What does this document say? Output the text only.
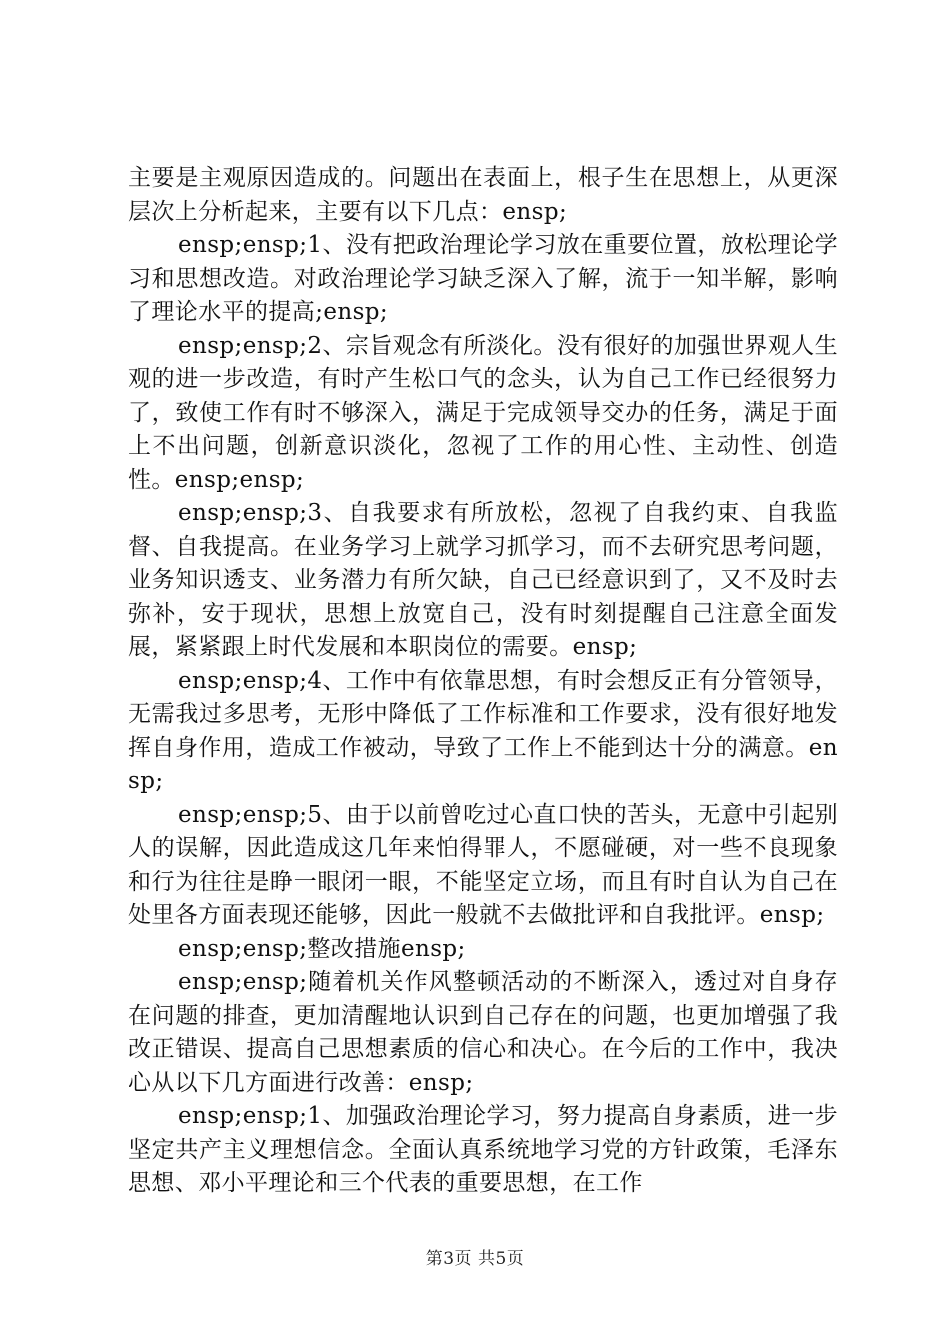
主要是主观原因造成的。问题出在表面上，根子生在思想上，从更深层次上分析起来，主要有以下几点：ensp;

ensp;ensp;1、没有把政治理论学习放在重要位置，放松理论学习和思想改造。对政治理论学习缺乏深入了解，流于一知半解，影响了理论水平的提高;ensp;

ensp;ensp;2、宗旨观念有所淡化。没有很好的加强世界观人生观的进一步改造，有时产生松口气的念头，认为自己工作已经很努力了，致使工作有时不够深入，满足于完成领导交办的任务，满足于面上不出问题，创新意识淡化，忽视了工作的用心性、主动性、创造性。ensp;ensp;

ensp;ensp;3、自我要求有所放松，忽视了自我约束、自我监督、自我提高。在业务学习上就学习抓学习，而不去研究思考问题，业务知识透支、业务潜力有所欠缺，自己已经意识到了，又不及时去弥补，安于现状，思想上放宽自己，没有时刻提醒自己注意全面发展，紧紧跟上时代发展和本职岗位的需要。ensp;

ensp;ensp;4、工作中有依靠思想，有时会想反正有分管领导，无需我过多思考，无形中降低了工作标准和工作要求，没有很好地发挥自身作用，造成工作被动，导致了工作上不能到达十分的满意。ensp;

ensp;ensp;5、由于以前曾吃过心直口快的苦头，无意中引起别人的误解，因此造成这几年来怕得罪人，不愿碰硬，对一些不良现象和行为往往是睁一眼闭一眼，不能坚定立场，而且有时自认为自己在处里各方面表现还能够，因此一般就不去做批评和自我批评。ensp;

ensp;ensp;整改措施ensp;

ensp;ensp;随着机关作风整顿活动的不断深入，透过对自身存在问题的排查，更加清醒地认识到自己存在的问题，也更加增强了我改正错误、提高自己思想素质的信心和决心。在今后的工作中，我决心从以下几方面进行改善：ensp;

ensp;ensp;1、加强政治理论学习，努力提高自身素质，进一步坚定共产主义理想信念。全面认真系统地学习党的方针政策，毛泽东思想、邓小平理论和三个代表的重要思想，在工作

第3页 共5页
